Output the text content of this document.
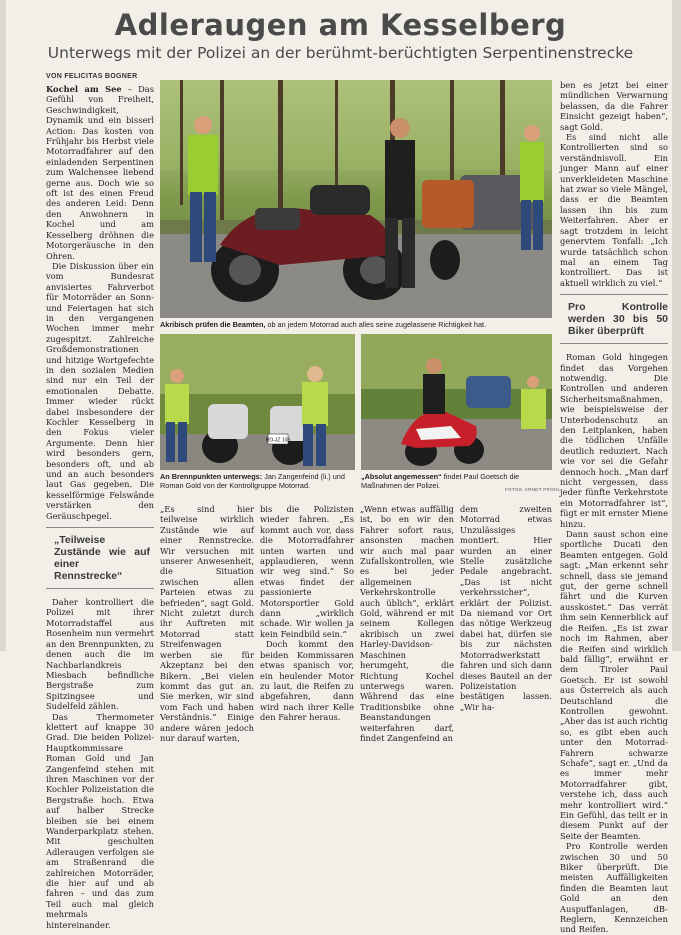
Adleraugen am Kesselberg
Unterwegs mit der Polizei an der berühmt-berüchtigten Serpentinenstrecke
VON FELICITAS BOGNER

Kochel am See – Das Gefühl von Freiheit, Geschwindigkeit, Dynamik und ein bisserl Action: Das kosten von Frühjahr bis Herbst viele Motorradfahrer auf den einladenden Serpentinen zum Walchensee liebend gerne aus. Doch wie so oft ist des einen Freud des anderen Leid: Denn den Anwohnern in Kochel und am Kesselberg dröhnen die Motorgeräusche in den Ohren.

Die Diskussion über ein vom Bundesrat anvisiertes Fahrverbot für Motorräder an Sonn- und Feiertagen hat sich in den vergangenen Wochen immer mehr zugespitzt. Zahlreiche Großdemonstrationen und hitzige Wortgefechte in den sozialen Medien sind nur ein Teil der emotionalen Debatte. Immer wieder rückt dabei insbesondere der Kochler Kesselberg in den Fokus vieler Argumente. Denn hier wird besonders gern, besonders oft, und ab und an auch besonders laut Gas gegeben. Die kesselförmige Felswände verstärken den Geräuschpegel.

„Teilweise Zustände wie auf einer Rennstrecke“

Daher kontrolliert die Polizei mit ihrer Motorradstaffel aus Rosenheim nun vermehrt an den Brennpunkten, zu denen auch die im Nachbarlandkreis Miesbach befindliche Bergstraße zum Spitzingsee und Sudelfeld zählen.

Das Thermometer klettert auf knappe 30 Grad. Die beiden Polizei-Hauptkommissare Roman Gold und Jan Zangenfeind stehen mit ihren Maschinen vor der Kochler Polizeistation die Bergstraße hoch. Etwa auf halber Strecke bleiben sie bei einem Wanderparkplatz stehen. Mit geschulten Adleraugen verfolgen sie am Straßenrand die zahlreichen Motorräder, die hier auf und ab fahren – und das zum Teil auch mal gleich mehrmals hintereinander.

Akribisch prüfen die Beamten, ob an jedem Motorrad auch alles seine zugelassene Richtigkeit hat.
RO-JZ 103
An Brennpunkten unterwegs: Jan Zangenfeind (li.) und Roman Gold von der Kontrollgruppe Motorrad.	FOTOS: ARNDT PRÖHL
„Absolut angemessen“ findet Paul Goetsch die Maßnahmen der Polizei.

„Es sind hier teilweise wirklich Zustände wie auf einer Rennstrecke. Wir versuchen mit unserer Anwesenheit, die Situation zwischen allen Parteien etwas zu befrieden“, sagt Gold. Nicht zuletzt durch ihr Auftreten mit Motorrad statt Streifenwagen werben sie für Akzeptanz bei den Bikern. „Bei vielen kommt das gut an. Sie merken, wir sind vom Fach und haben Verständnis.“ Einige andere wären jedoch nur darauf warten,

bis die Polizisten wieder fahren. „Es kommt auch vor, dass die Motorradfahrer unten warten und applaudieren, wenn wir weg sind.“ So etwas findet der passionierte Motorsportler Gold dann „wirklich schade. Wir wollen ja kein Feindbild sein.“

Doch kommt den beiden Kommissaren etwas spanisch vor, ein heulender Motor zu laut, die Reifen zu abgefahren, dann wird nach ihrer Kelle den Fahrer heraus.

„Wenn etwas auffällig ist, bo en wir den Fahrer sofort raus, ansonsten machen wir auch mal paar Zufallskontrollen, wie es bei jeder allgemeinen Verkehrskontrolle auch üblich“, erklärt Gold, während er mit seinem Kollegen akribisch un zwei Harley-Davidson-Maschinen herumgeht, die Richtung Kochel unterwegs waren. Während das eine Traditionsbike ohne Beanstandungen weiterfahren darf, findet Zangenfeind an

dem zweiten Motorrad etwas Unzulässiges montiert. Hier wurden an einer Stelle zusätzliche Pedale angebracht. „Das ist nicht verkehrssicher“, erklärt der Polizist. Da niemand vor Ort das nötige Werkzeug dabei hat, dürfen sie bis zur nächsten Motorradwerkstatt fahren und sich dann dieses Bauteil an der Polizeistation bestätigen lassen. „Wir ha-

ben es jetzt bei einer mündlichen Verwarnung belassen, da die Fahrer Einsicht gezeigt haben“, sagt Gold.

Es sind nicht alle Kontrollierten sind so verständnisvoll. Ein junger Mann auf einer unverkleideten Maschine hat zwar so viele Mängel, dass er die Beamten lassen ihn bis zum Weiterfahren. Aber er sagt trotzdem in leicht genervtem Tonfall: „Ich wurde tatsächlich schon mal an einem Tag kontrolliert. Das ist aktuell wirklich zu viel.“

Pro Kontrolle werden 30 bis 50 Biker überprüft

Roman Gold hingegen findet das Vorgehen notwendig. Die Kontrollen und anderen Sicherheitsmaßnahmen, wie beispielsweise der Unterbodenschutz an den Leitplanken, haben die tödlichen Unfälle deutlich reduziert. Nach wie vor sei die Gefahr dennoch hoch. „Man darf nicht vergessen, dass jeder fünfte Verkehrstote ein Motorradfahrer ist“, fügt er mit ernster Miene hinzu.

Dann saust schon eine sportliche Ducati den Beamten entgegen. Gold sagt: „Man erkennt sehr schnell, dass sie jemand gut, der gerne schnell fährt und die Kurven ausskostet.“ Das verrät ihm sein Kennerblick auf die Reifen. „Es ist zwar noch im Rahmen, aber die Reifen sind wirklich bald fällig“, erwähnt er dem Tiroler Paul Goetsch. Er ist sowohl aus Österreich als auch Deutschland die Kontrollen gewohnt. „Aber das ist auch richtig so, es gibt eben auch unter den Motorrad-Fahrern schwarze Schafe“, sagt er. „Und da es immer mehr Motorradfahrer gibt, verstehe ich, dass auch mehr kontrolliert wird.“ Ein Gefühl, das teilt er in diesem Punkt auf der Seite der Beamten.

Pro Kontrolle werden zwischen 30 und 50 Biker überprüft. Die meisten Auffälligkeiten finden die Beamten laut Gold an den Auspuffanlagen, dB-Reglern, Kennzeichen und Reifen.
